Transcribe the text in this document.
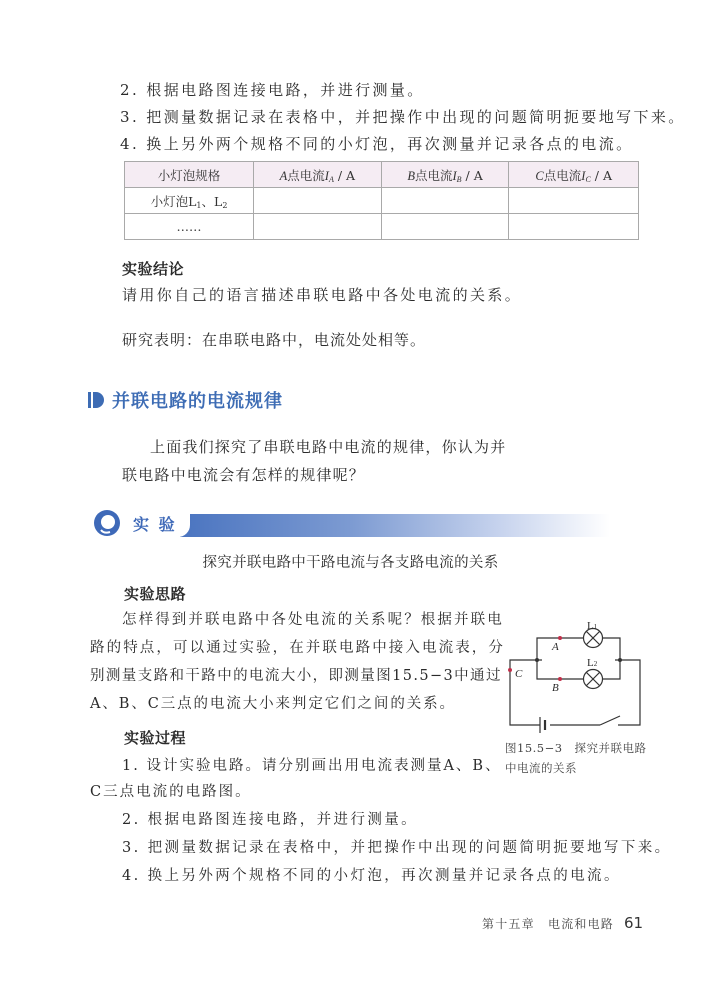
2. 根据电路图连接电路，并进行测量。
3. 把测量数据记录在表格中，并把操作中出现的问题简明扼要地写下来。
4. 换上另外两个规格不同的小灯泡，再次测量并记录各点的电流。
小灯泡规格	A点电流$I_A$ / A	B点电流$I_B$ / A	C点电流$I_C$ / A
小灯泡$L_1$、$L_2$			
……			
实验结论
请用你自己的语言描述串联电路中各处电流的关系。
研究表明：在串联电路中，电流处处相等。
并联电路的电流规律
上面我们探究了串联电路中电流的规律，你认为并
联电路中电流会有怎样的规律呢？
实 验
探究并联电路中干路电流与各支路电流的关系
实验思路
怎样得到并联电路中各处电流的关系呢？根据并联电
路的特点，可以通过实验，在并联电路中接入电流表，分
别测量支路和干路中的电流大小，即测量图15.5−3中通过
A、B、C三点的电流大小来判定它们之间的关系。
A
B
C
L1
L2
图15.5−3　探究并联电路
中电流的关系
实验过程
1. 设计实验电路。请分别画出用电流表测量A、B、
C三点电流的电路图。
2. 根据电路图连接电路，并进行测量。
3. 把测量数据记录在表格中，并把操作中出现的问题简明扼要地写下来。
4. 换上另外两个规格不同的小灯泡，再次测量并记录各点的电流。
第十五章　电流和电路 61
